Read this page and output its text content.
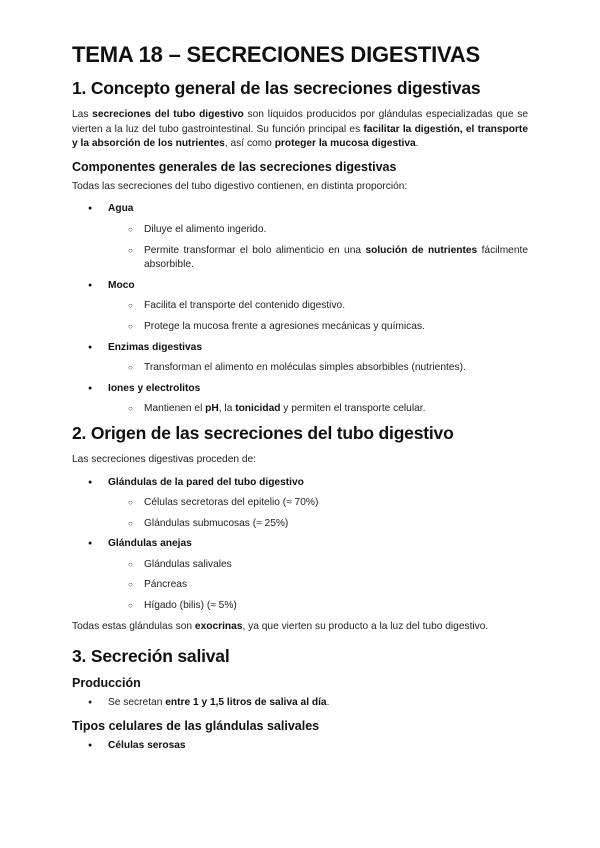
TEMA 18 – SECRECIONES DIGESTIVAS
1. Concepto general de las secreciones digestivas

Las secreciones del tubo digestivo son líquidos producidos por glándulas especializadas que se vierten a la luz del tubo gastrointestinal. Su función principal es facilitar la digestión, el transporte y la absorción de los nutrientes, así como proteger la mucosa digestiva.

Componentes generales de las secreciones digestivas

Todas las secreciones del tubo digestivo contienen, en distinta proporción:

● Agua
○ Diluye el alimento ingerido.
○ Permite transformar el bolo alimenticio en una solución de nutrientes fácilmente absorbible.
● Moco
○ Facilita el transporte del contenido digestivo.
○ Protege la mucosa frente a agresiones mecánicas y químicas.
● Enzimas digestivas
○ Transforman el alimento en moléculas simples absorbibles (nutrientes).
● Iones y electrolitos
○ Mantienen el pH, la tonicidad y permiten el transporte celular.
2. Origen de las secreciones del tubo digestivo

Las secreciones digestivas proceden de:

● Glándulas de la pared del tubo digestivo
○ Células secretoras del epitelio (≈ 70%)
○ Glándulas submucosas (≈ 25%)
● Glándulas anejas
○ Glándulas salivales
○ Páncreas
○ Hígado (bilis) (≈ 5%)

Todas estas glándulas son exocrinas, ya que vierten su producto a la luz del tubo digestivo.

3. Secreción salival
Producción
● Se secretan entre 1 y 1,5 litros de saliva al día.
Tipos celulares de las glándulas salivales
● Células serosas
